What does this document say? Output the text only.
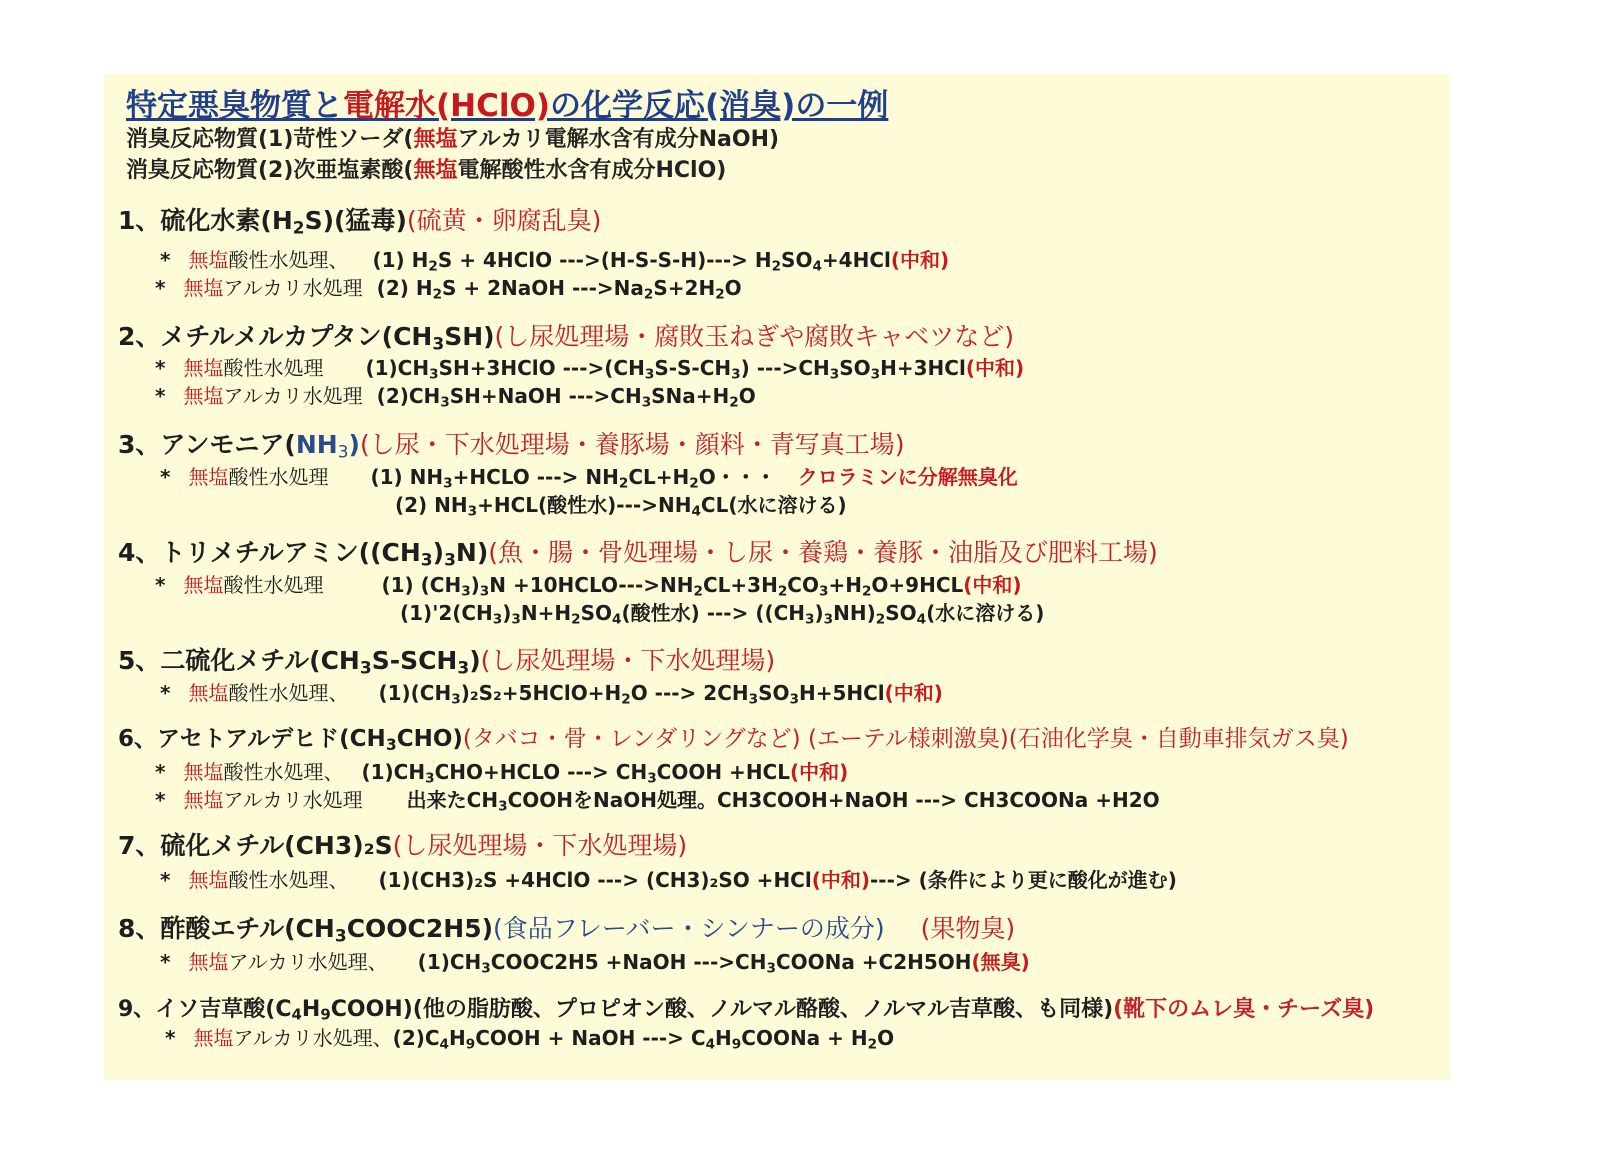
特定悪臭物質と電解水(HClO)の化学反応(消臭)の一例
消臭反応物質(1)苛性ソーダ(無塩アルカリ電解水含有成分NaOH)
消臭反応物質(2)次亜塩素酸(無塩電解酸性水含有成分HClO)
1、硫化水素$(H_2S)$(猛毒)(硫黄・卵腐乱臭)
* 無塩酸性水処理、 (1) $H_2S$ + 4HClO $--->(H-S-S-H)---> H_2SO_4+4HCl$(中和)
* 無塩アルカリ水処理 (2) $H_2S$ + 2NaOH $--->Na_2S+2H_2O$
2、メチルメルカプタン$(CH_3SH)$(し尿処理場・腐敗玉ねぎや腐敗キャベツなど)
* 無塩酸性水処理 $(1)CH_3SH+3HClO$ $--->(CH_3S-S-CH_3)$ $--->CH_3SO_3H+3HCl$(中和)
* 無塩アルカリ水処理 $(2)CH_3SH+NaOH$ $--->CH_3SNa+H_2O$
3、アンモニア$(NH_3)$(し尿・下水処理場・養豚場・顔料・青写真工場)
* 無塩酸性水処理 (1) $NH_3+HCLO$ ---> $NH_2CL+H_2O$・・・ クロラミンに分解無臭化
(2) $NH_3+HCL$(酸性水)$--->NH_4CL$(水に溶ける)
4、トリメチルアミン$((CH_3)_3N)$(魚・腸・骨処理場・し尿・養鶏・養豚・油脂及び肥料工場)
* 無塩酸性水処理	(1) $(CH_3)_3N$ $+10HCLO--->NH_2CL+3H_2CO_3+H_2O+9HCL$(中和)
$(1)'2(CH_3)_3N+H_2SO_4$(酸性水) ---> $((CH_3)_3NH)_2SO_4$(水に溶ける)
5、二硫化メチル$(CH_3S-SCH_3)$(し尿処理場・下水処理場)
* 無塩酸性水処理、 $(1)(CH_3)_2S_2+5HClO+H_2O$ ---> $2CH_3SO_3H+5HCl$(中和)
6、アセトアルデヒド$(CH_3CHO)$(タバコ・骨・レンダリングなど) (エーテル様刺激臭)(石油化学臭・自動車排気ガス臭)
* 無塩酸性水処理、 $(1)CH_3CHO+HCLO$ ---> $CH_3COOH +HCL$(中和)
* 無塩アルカリ水処理 出来た$CH_3COOH$をNaOH処理。CH3COOH+NaOH ---> CH3COONa +H2O
7、硫化メチル(CH3)₂S(し尿処理場・下水処理場)
* 無塩酸性水処理、 (1)(CH3)₂S +4HClO ---> (CH3)₂SO +HCl(中和)---> (条件により更に酸化が進む)
8、酢酸エチル$(CH_3COOC2H5)$(食品フレーバー・シンナーの成分) (果物臭)
* 無塩アルカリ水処理、 $(1)CH_3COOC2H5$ +NaOH $--->CH_3COONa +C2H5OH$(無臭)
9、イソ吉草酸$(C_4H_9COOH)$(他の脂肪酸、プロピオン酸、ノルマル酪酸、ノルマル吉草酸、も同様)(靴下のムレ臭・チーズ臭)
* 無塩アルカリ水処理、$(2)C_4H_9COOH$ + NaOH ---> $C_4H_9COONa + H_2O$
